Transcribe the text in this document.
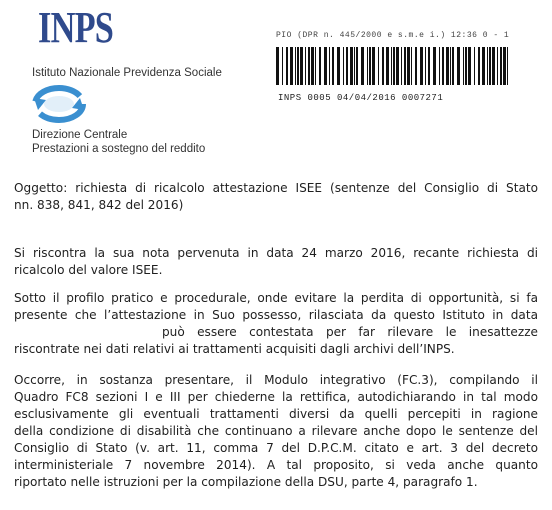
INPS
Istituto Nazionale Previdenza Sociale
Direzione Centrale
Prestazioni a sostegno del reddito
PIO (DPR n. 445/2000 e s.m.e i.) 12:36 0 - 1
INPS 0005 04/04/2016 0007271
Oggetto: richiesta di ricalcolo attestazione ISEE (sentenze del Consiglio di Stato
nn. 838, 841, 842 del 2016)
Si riscontra la sua nota pervenuta in data 24 marzo 2016, recante richiesta di
ricalcolo del valore ISEE.
Sotto il profilo pratico e procedurale, onde evitare la perdita di opportunità, si fa
presente che l’attestazione in Suo possesso, rilasciata da questo Istituto in data
può essere contestata per far rilevare le inesattezze
riscontrate nei dati relativi ai trattamenti acquisiti dagli archivi dell’INPS.
Occorre, in sostanza presentare, il Modulo integrativo (FC.3), compilando il
Quadro FC8 sezioni I e III per chiederne la rettifica, autodichiarando in tal modo
esclusivamente gli eventuali trattamenti diversi da quelli percepiti in ragione
della condizione di disabilità che continuano a rilevare anche dopo le sentenze del
Consiglio di Stato (v. art. 11, comma 7 del D.P.C.M. citato e art. 3 del decreto
interministeriale 7 novembre 2014). A tal proposito, si veda anche quanto
riportato nelle istruzioni per la compilazione della DSU, parte 4, paragrafo 1.
